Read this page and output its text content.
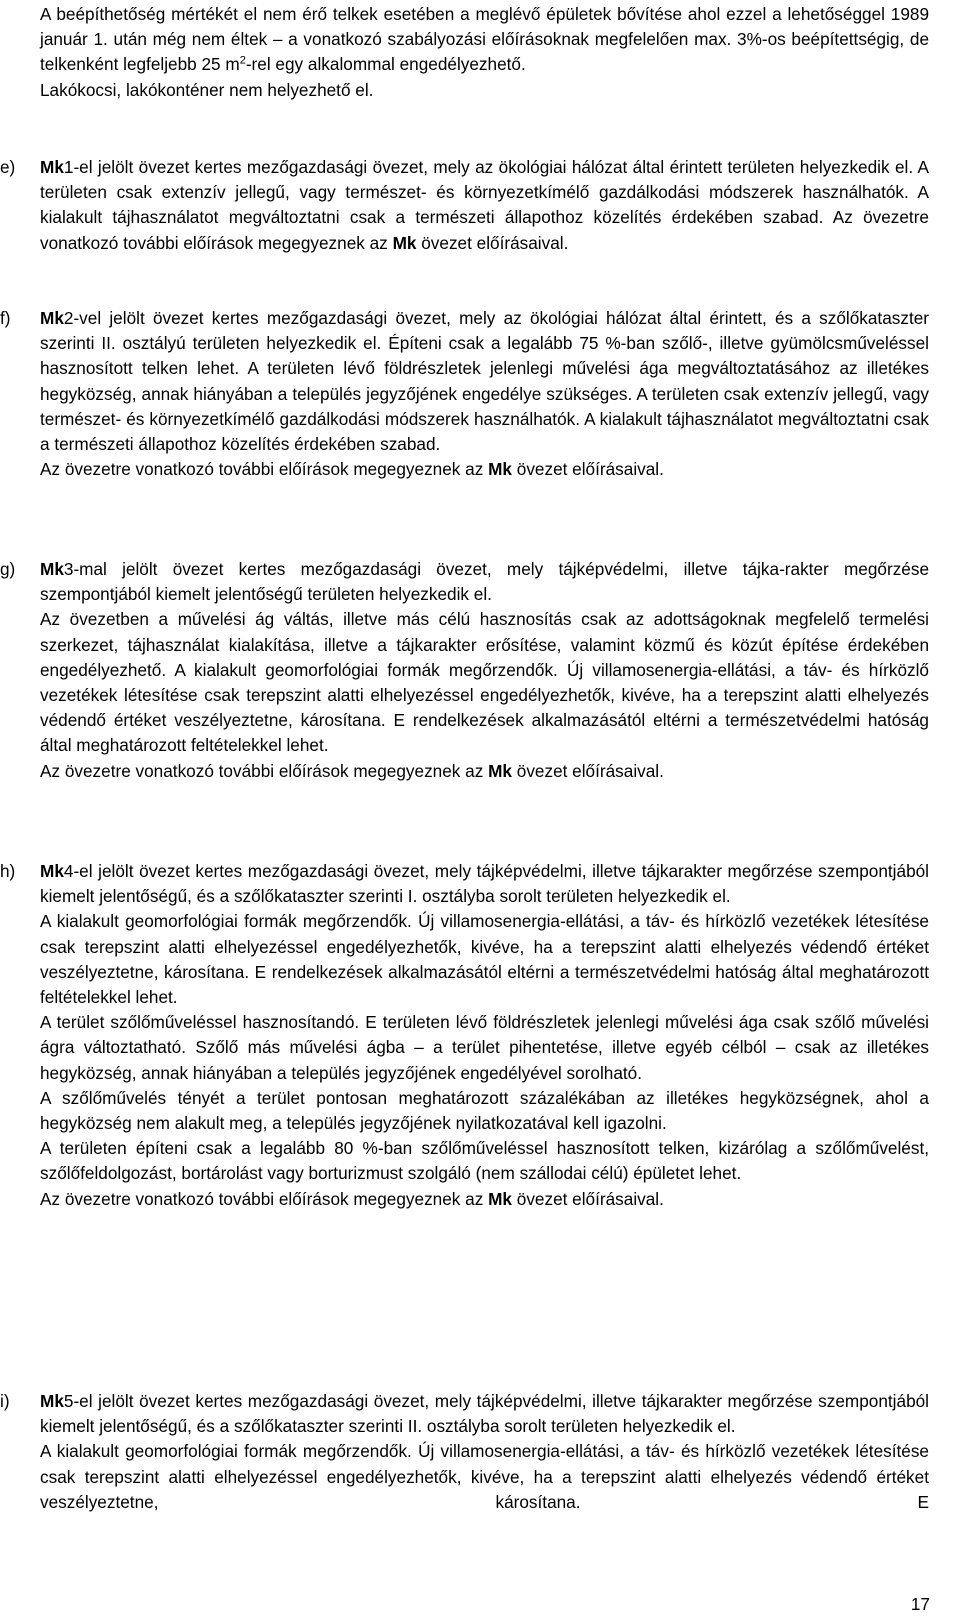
A beépíthetőség mértékét el nem érő telkek esetében a meglévő épületek bővítése ahol ezzel a lehetőséggel 1989 január 1. után még nem éltek – a vonatkozó szabályozási előírásoknak megfelelően max. 3%-os beépítettségig, de telkenként legfeljebb 25 $m^2$-rel egy alkalommal engedélyezhető.

Lakókocsi, lakókonténer nem helyezhető el.

e)	Mk1-el jelölt övezet kertes mezőgazdasági övezet, mely az ökológiai hálózat által érintett területen helyezkedik el. A területen csak extenzív jellegű, vagy természet- és környezetkímélő gazdálkodási módszerek használhatók. A kialakult tájhasználatot megváltoztatni csak a természeti állapothoz közelítés érdekében szabad. Az övezetre vonatkozó további előírások megegyeznek az Mk övezet előírásaival.

f)	Mk2-vel jelölt övezet kertes mezőgazdasági övezet, mely az ökológiai hálózat által érintett, és a szőlőkataszter szerinti II. osztályú területen helyezkedik el. Építeni csak a legalább 75 %-ban szőlő-, illetve gyümölcsműveléssel hasznosított telken lehet. A területen lévő földrészletek jelenlegi művelési ága megváltoztatásához az illetékes hegyközség, annak hiányában a település jegyzőjének engedélye szükséges. A területen csak extenzív jellegű, vagy természet- és környezetkímélő gazdálkodási módszerek használhatók. A kialakult tájhasználatot megváltoztatni csak a természeti állapothoz közelítés érdekében szabad.

Az övezetre vonatkozó további előírások megegyeznek az Mk övezet előírásaival.

g)	Mk3-mal jelölt övezet kertes mezőgazdasági övezet, mely tájképvédelmi, illetve tájka-rakter megőrzése szempontjából kiemelt jelentőségű területen helyezkedik el.

Az övezetben a művelési ág váltás, illetve más célú hasznosítás csak az adottságoknak megfelelő termelési szerkezet, tájhasználat kialakítása, illetve a tájkarakter erősítése, valamint közmű és közút építése érdekében engedélyezhető. A kialakult geomorfológiai formák megőrzendők. Új villamosenergia-ellátási, a táv- és hírközlő vezetékek létesítése csak terepszint alatti elhelyezéssel engedélyezhetők, kivéve, ha a terepszint alatti elhelyezés védendő értéket veszélyeztetne, károsítana. E rendelkezések alkalmazásától eltérni a természetvédelmi hatóság által meghatározott feltételekkel lehet.

Az övezetre vonatkozó további előírások megegyeznek az Mk övezet előírásaival.

h)	Mk4-el jelölt övezet kertes mezőgazdasági övezet, mely tájképvédelmi, illetve tájkarakter megőrzése szempontjából kiemelt jelentőségű, és a szőlőkataszter szerinti I. osztályba sorolt területen helyezkedik el.

A kialakult geomorfológiai formák megőrzendők. Új villamosenergia-ellátási, a táv- és hírközlő vezetékek létesítése csak terepszint alatti elhelyezéssel engedélyezhetők, kivéve, ha a terepszint alatti elhelyezés védendő értéket veszélyeztetne, károsítana. E rendelkezések alkalmazásától eltérni a természetvédelmi hatóság által meghatározott feltételekkel lehet.

A terület szőlőműveléssel hasznosítandó. E területen lévő földrészletek jelenlegi művelési ága csak szőlő művelési ágra változtatható. Szőlő más művelési ágba – a terület pihentetése, illetve egyéb célból – csak az illetékes hegyközség, annak hiányában a település jegyzőjének engedélyével sorolható.

A szőlőművelés tényét a terület pontosan meghatározott százalékában az illetékes hegyközségnek, ahol a hegyközség nem alakult meg, a település jegyzőjének nyilatkozatával kell igazolni.

A területen építeni csak a legalább 80 %-ban szőlőműveléssel hasznosított telken, kizárólag a szőlőművelést, szőlőfeldolgozást, bortárolást vagy borturizmust szolgáló (nem szállodai célú) épületet lehet.

Az övezetre vonatkozó további előírások megegyeznek az Mk övezet előírásaival.

i)	Mk5-el jelölt övezet kertes mezőgazdasági övezet, mely tájképvédelmi, illetve tájkarakter megőrzése szempontjából kiemelt jelentőségű, és a szőlőkataszter szerinti II. osztályba sorolt területen helyezkedik el.

A kialakult geomorfológiai formák megőrzendők. Új villamosenergia-ellátási, a táv- és hírközlő vezetékek létesítése csak terepszint alatti elhelyezéssel engedélyezhetők, kivéve, ha a terepszint alatti elhelyezés védendő értéket veszélyeztetne, károsítana. E

17
